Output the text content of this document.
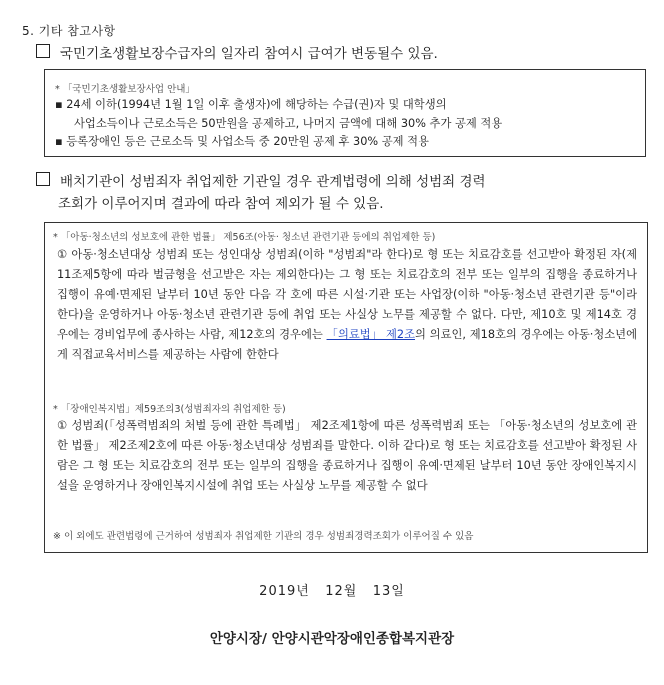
5. 기타 참고사항
국민기초생활보장수급자의 일자리 참여시 급여가 변동될수 있음.
* 「국민기초생활보장사업 안내」
▪ 24세 이하(1994년 1월 1일 이후 출생자)에 해당하는 수급(권)자 및 대학생의
사업소득이나 근로소득은 50만원을 공제하고, 나머지 금액에 대해 30% 추가 공제 적용
▪ 등록장애인 등은 근로소득 및 사업소득 중 20만원 공제 후 30% 공제 적용
배치기관이 성범죄자 취업제한 기관일 경우 관계법령에 의해 성범죄 경력
조회가 이루어지며 결과에 따라 참여 제외가 될 수 있음.
* 「아동·청소년의 성보호에 관한 법률」 제56조(아동· 청소년 관련기관 등에의 취업제한 등)
① 아동·청소년대상 성범죄 또는 성인대상 성범죄(이하 "성범죄"라 한다)로 형 또는 치료감호를 선고받아 확정된 자(제11조제5항에 따라 벌금형을 선고받은 자는 제외한다)는 그 형 또는 치료감호의 전부 또는 일부의 집행을 종료하거나 집행이 유예·면제된 날부터 10년 동안 다음 각 호에 따른 시설·기관 또는 사업장(이하 "아동·청소년 관련기관 등"이라 한다)을 운영하거나 아동·청소년 관련기관 등에 취업 또는 사실상 노무를 제공할 수 없다. 다만, 제10호 및 제14호 경우에는 경비업무에 종사하는 사람, 제12호의 경우에는 「의료법」 제2조의 의료인, 제18호의 경우에는 아동·청소년에게 직접교육서비스를 제공하는 사람에 한한다
* 「장애인복지법」제59조의3(성범죄자의 취업제한 등)
① 성범죄(「성폭력범죄의 처벌 등에 관한 특례법」 제2조제1항에 따른 성폭력범죄 또는 「아동·청소년의 성보호에 관한 법률」 제2조제2호에 따른 아동·청소년대상 성범죄를 말한다. 이하 같다)로 형 또는 치료감호를 선고받아 확정된 사람은 그 형 또는 치료감호의 전부 또는 일부의 집행을 종료하거나 집행이 유예·면제된 날부터 10년 동안 장애인복지시설을 운영하거나 장애인복지시설에 취업 또는 사실상 노무를 제공할 수 없다
※ 이 외에도 관련법령에 근거하여 성범죄자 취업제한 기관의 경우 성범죄경력조회가 이루어질 수 있음
2019년   12월   13일
안양시장/ 안양시관악장애인종합복지관장
